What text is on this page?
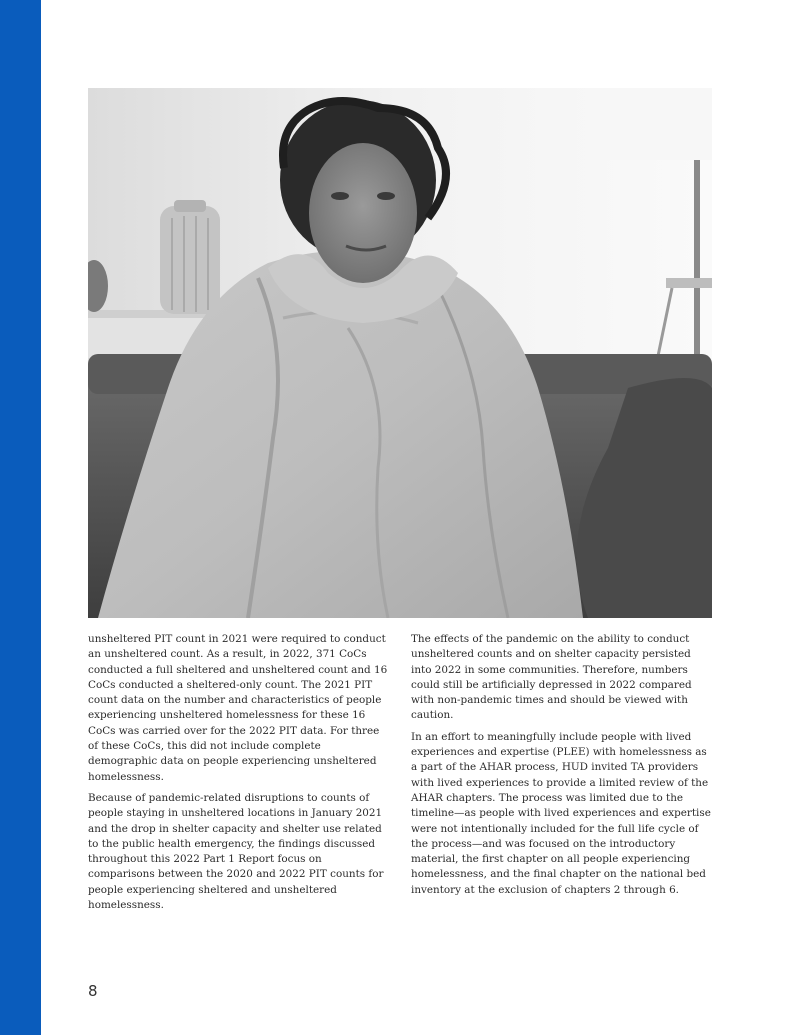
unsheltered PIT count in 2021 were required to conduct an unsheltered count. As a result, in 2022, 371 CoCs conducted a full sheltered and unsheltered count and 16 CoCs conducted a sheltered-only count. The 2021 PIT count data on the number and characteristics of people experiencing unsheltered homelessness for these 16 CoCs was carried over for the 2022 PIT data. For three of these CoCs, this did not include complete demographic data on people experiencing unsheltered homelessness.

Because of pandemic-related disruptions to counts of people staying in unsheltered locations in January 2021 and the drop in shelter capacity and shelter use related to the public health emergency, the findings discussed throughout this 2022 Part 1 Report focus on comparisons between the 2020 and 2022 PIT counts for people experiencing sheltered and unsheltered homelessness.

The effects of the pandemic on the ability to conduct unsheltered counts and on shelter capacity persisted into 2022 in some communities. Therefore, numbers could still be artificially depressed in 2022 compared with non-pandemic times and should be viewed with caution.

In an effort to meaningfully include people with lived experiences and expertise (PLEE) with homelessness as a part of the AHAR process, HUD invited TA providers with lived experiences to provide a limited review of the AHAR chapters. The process was limited due to the timeline—as people with lived experiences and expertise were not intentionally included for the full life cycle of the process—and was focused on the introductory material, the first chapter on all people experiencing homelessness, and the final chapter on the national bed inventory at the exclusion of chapters 2 through 6.

8
